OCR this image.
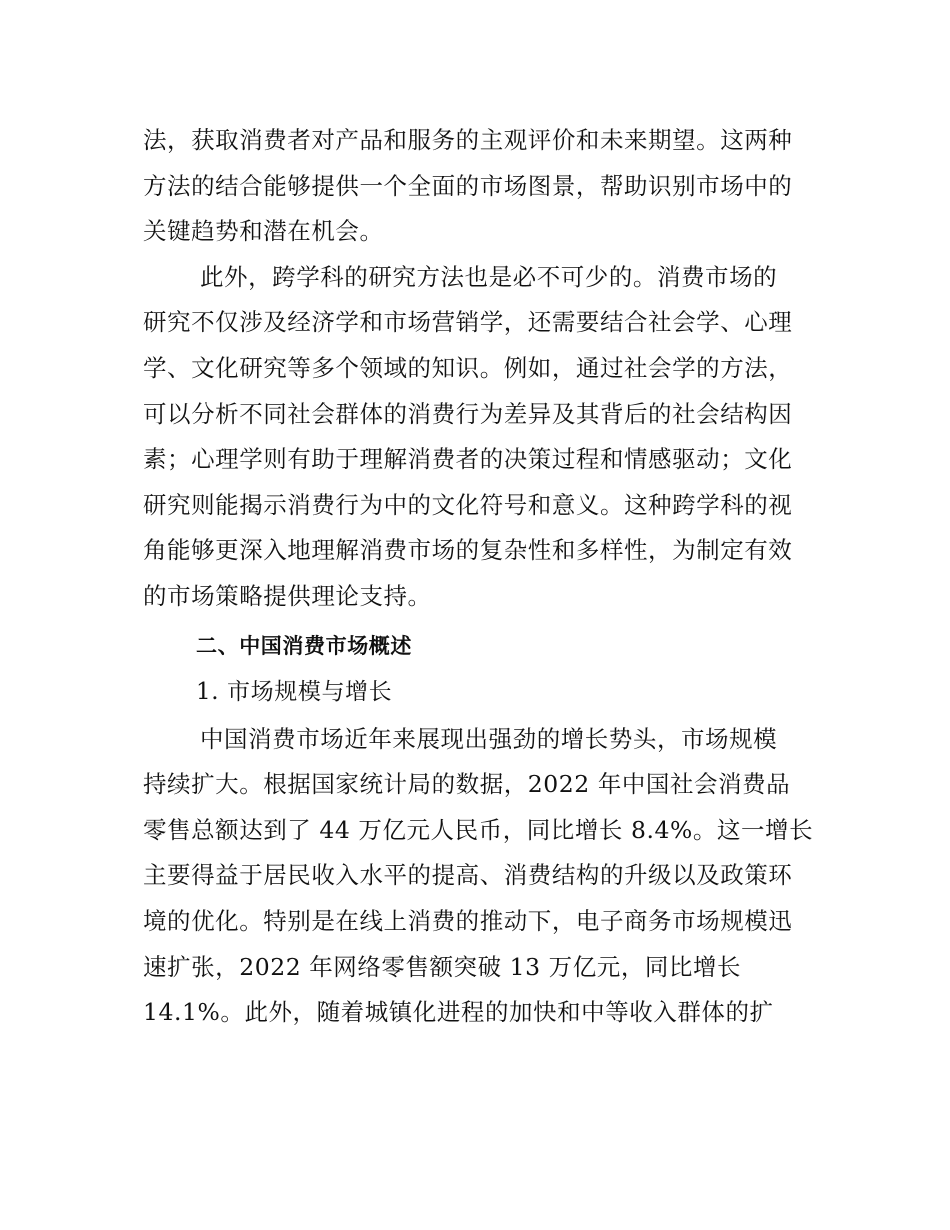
法，获取消费者对产品和服务的主观评价和未来期望。这两种
方法的结合能够提供一个全面的市场图景，帮助识别市场中的
关键趋势和潜在机会。
此外，跨学科的研究方法也是必不可少的。消费市场的
研究不仅涉及经济学和市场营销学，还需要结合社会学、心理
学、文化研究等多个领域的知识。例如，通过社会学的方法，
可以分析不同社会群体的消费行为差异及其背后的社会结构因
素；心理学则有助于理解消费者的决策过程和情感驱动；文化
研究则能揭示消费行为中的文化符号和意义。这种跨学科的视
角能够更深入地理解消费市场的复杂性和多样性，为制定有效
的市场策略提供理论支持。
二、中国消费市场概述
1. 市场规模与增长
中国消费市场近年来展现出强劲的增长势头，市场规模
持续扩大。根据国家统计局的数据，2022 年中国社会消费品
零售总额达到了 44 万亿元人民币，同比增长 8.4%。这一增长
主要得益于居民收入水平的提高、消费结构的升级以及政策环
境的优化。特别是在线上消费的推动下，电子商务市场规模迅
速扩张，2022 年网络零售额突破 13 万亿元，同比增长
14.1%。此外，随着城镇化进程的加快和中等收入群体的扩
